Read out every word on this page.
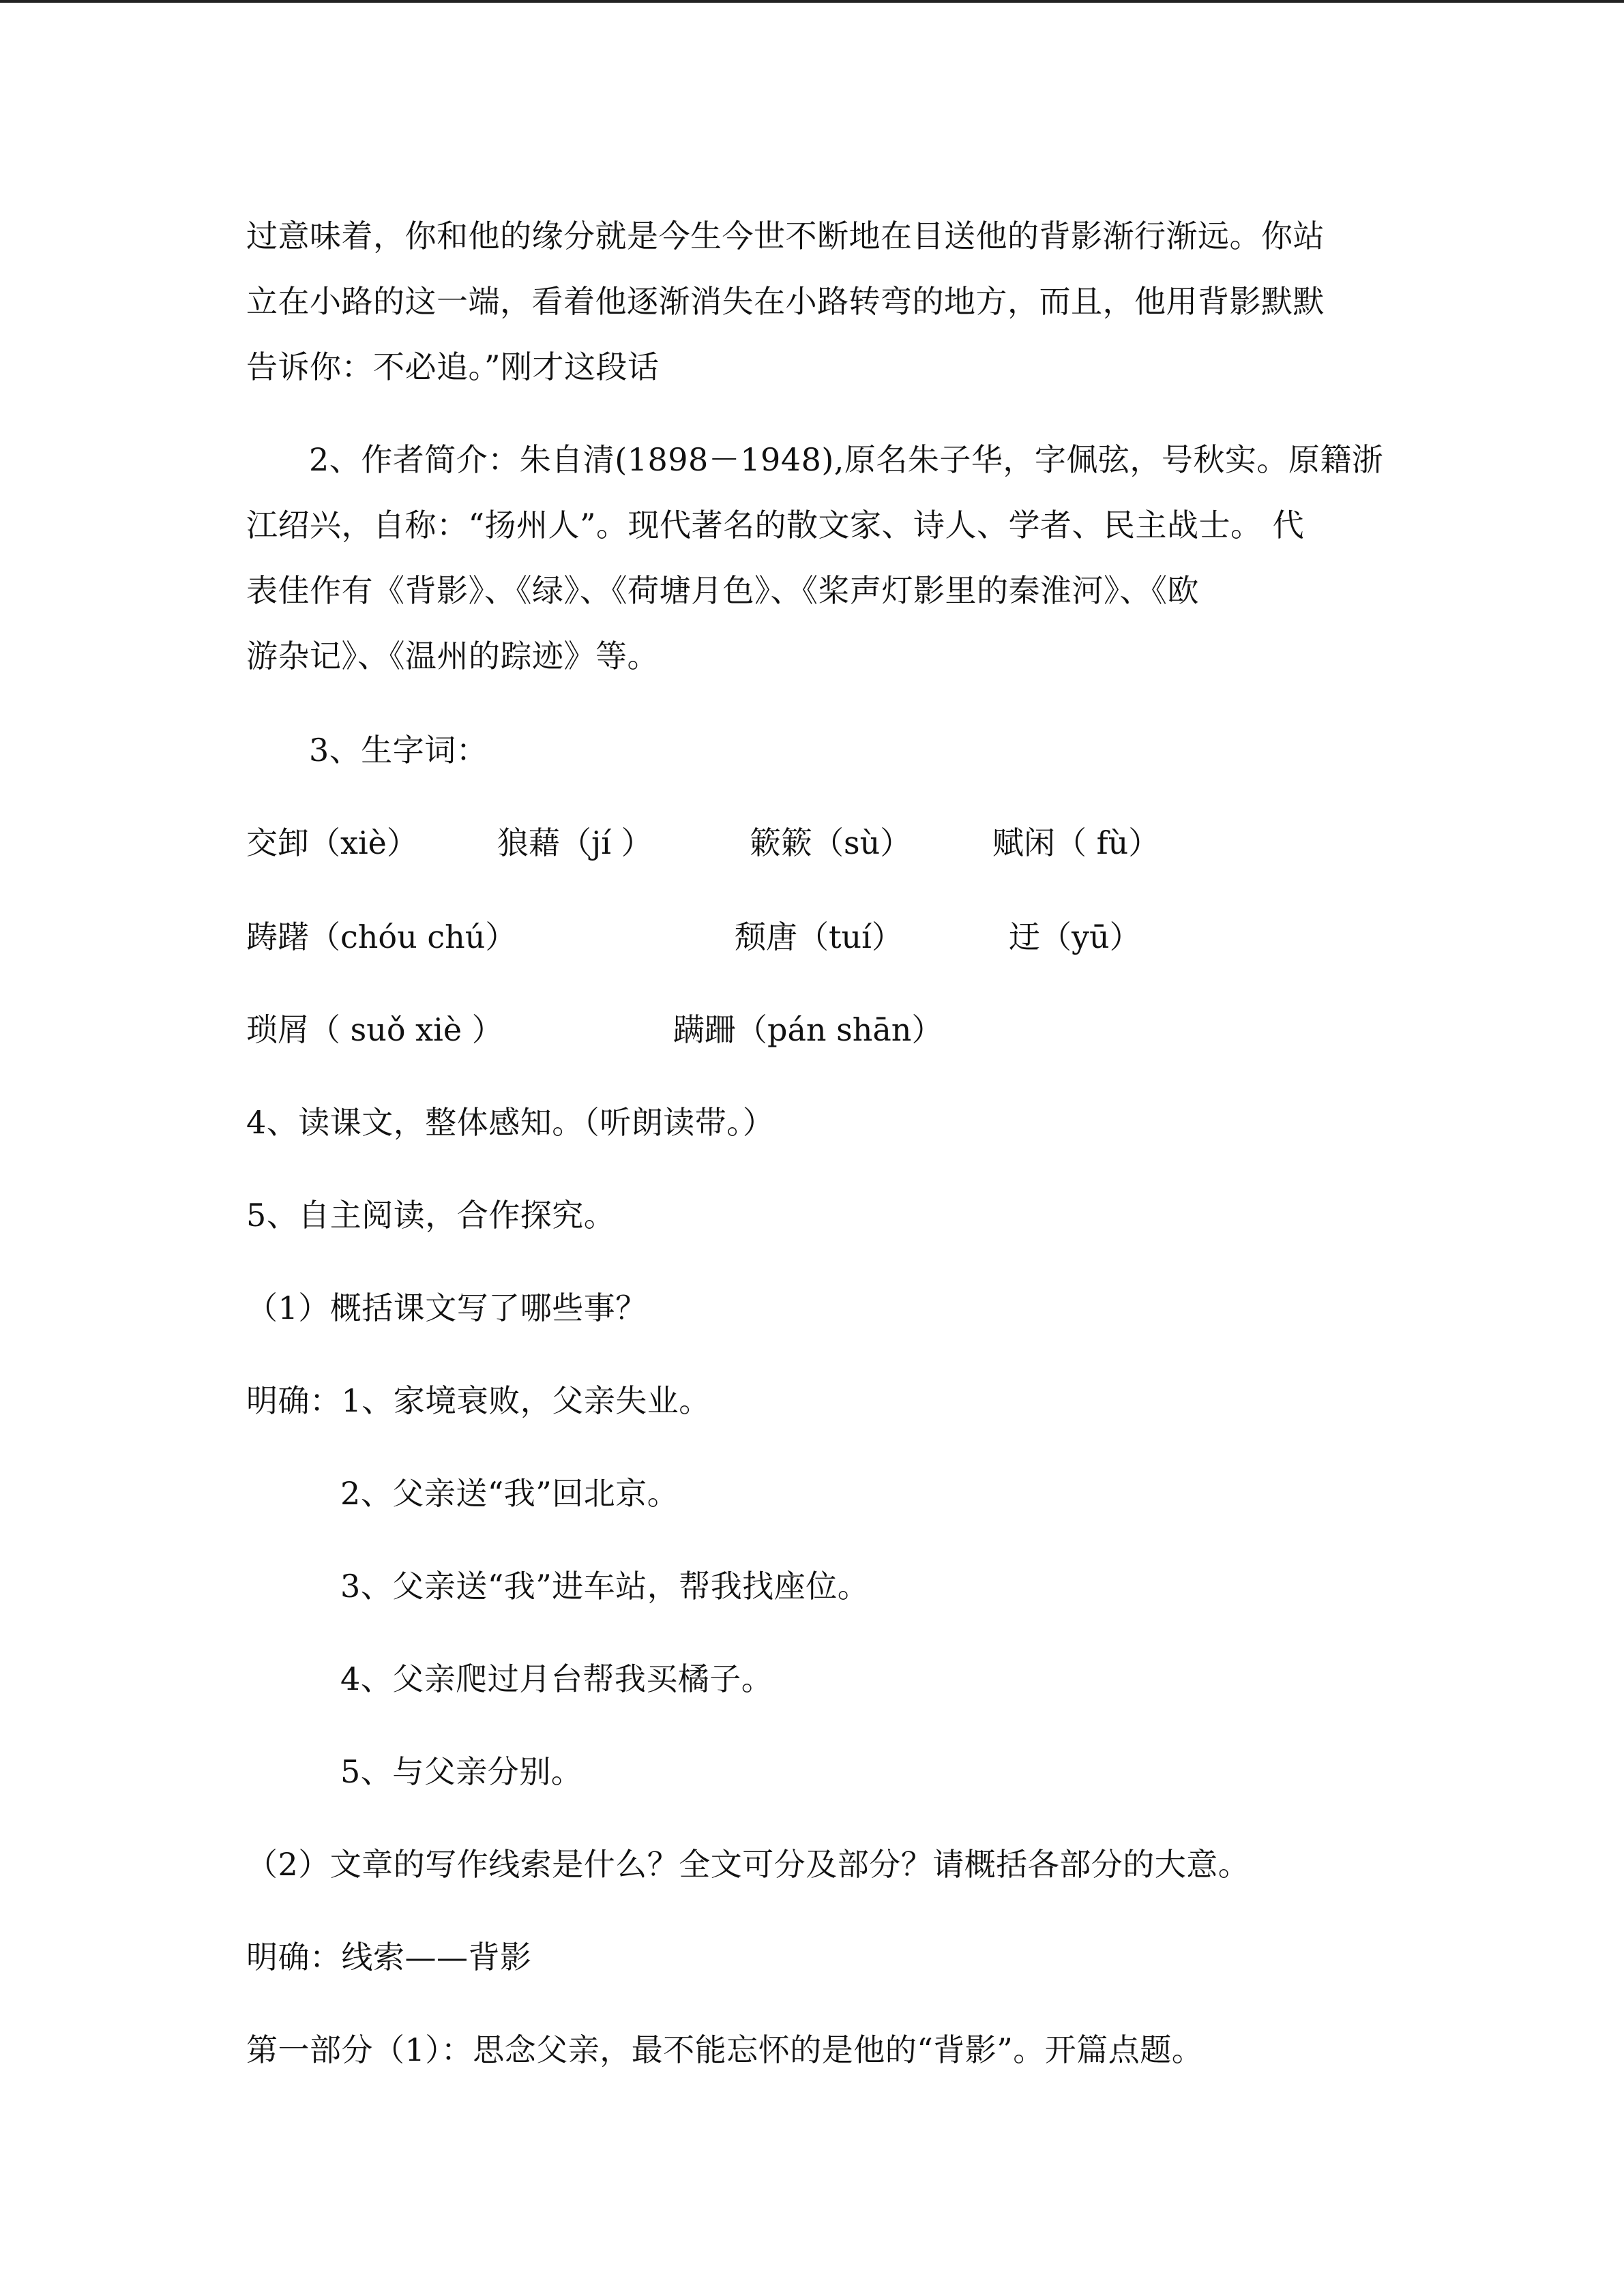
过意味着，你和他的缘分就是今生今世不断地在目送他的背影渐行渐远。你站
立在小路的这一端，看着他逐渐消失在小路转弯的地方，而且，他用背影默默
告诉你：不必追。”刚才这段话
2、作者简介：朱自清(1898－1948),原名朱子华，字佩弦，号秋实。原籍浙
江绍兴，自称：“扬州人”。现代著名的散文家、诗人、学者、民主战士。 代
表佳作有《背影》、《绿》、《荷塘月色》、《桨声灯影里的秦淮河》、《欧
游杂记》、《温州的踪迹》等。
3、生字词：
交卸（xiè）	狼藉（jí ）	簌簌（sù）	赋闲（ fù）
踌躇（chóu chú）	颓唐（tuí）	迂（yū）
琐屑（ suǒ xiè ）	蹒跚（pán shān）
4、读课文，整体感知。（听朗读带。）
5、自主阅读，合作探究。
（1）概括课文写了哪些事？
明确：1、家境衰败，父亲失业。
2、父亲送“我”回北京。
3、父亲送“我”进车站，帮我找座位。
4、父亲爬过月台帮我买橘子。
5、与父亲分别。
（2）文章的写作线索是什么？全文可分及部分？请概括各部分的大意。
明确：线索——背影
第一部分（1）：思念父亲，最不能忘怀的是他的“背影”。开篇点题。
